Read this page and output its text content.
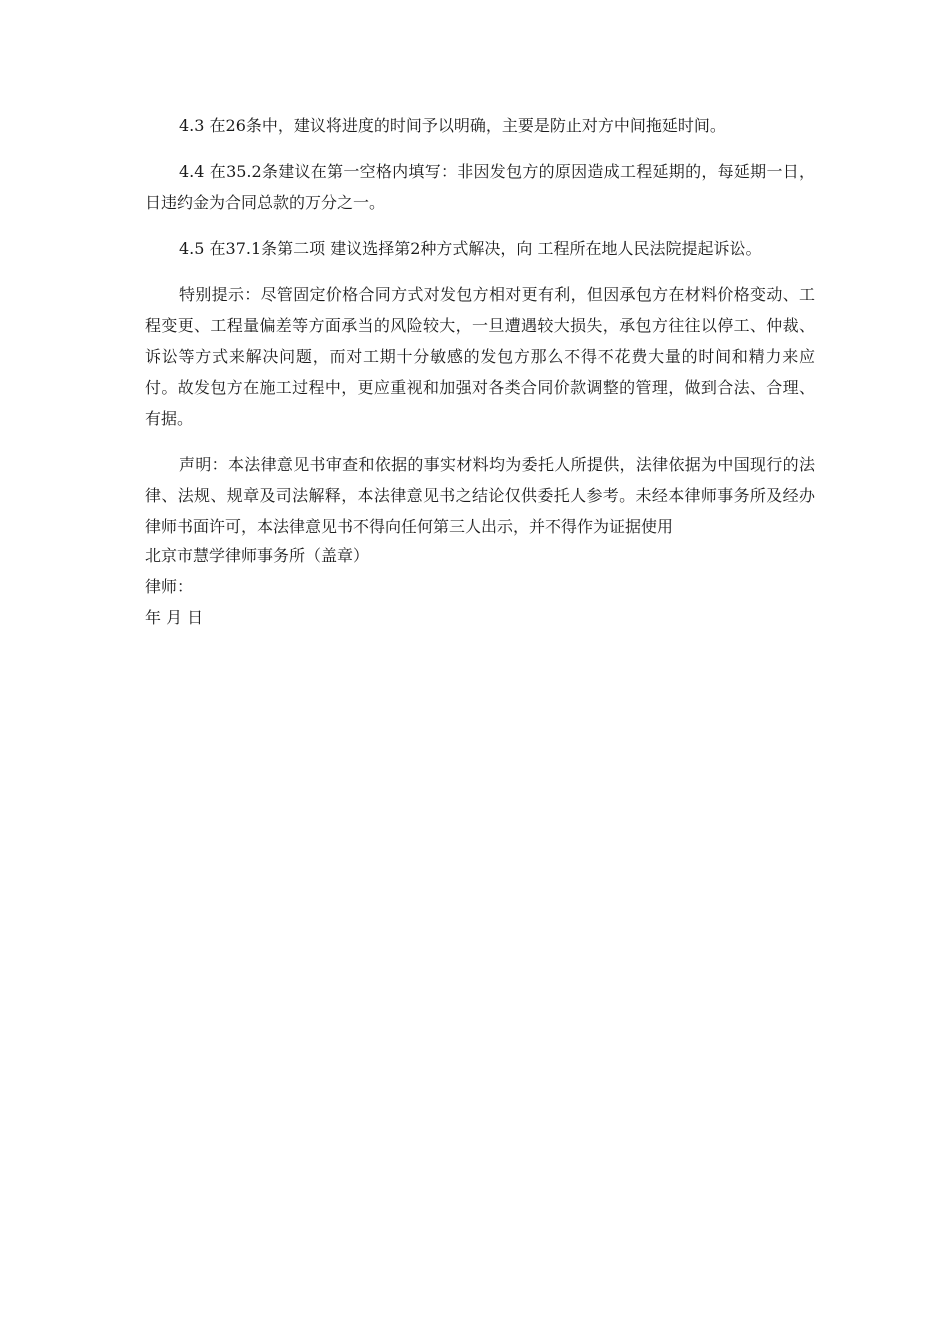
4.3 在26条中，建议将进度的时间予以明确，主要是防止对方中间拖延时间。

4.4 在35.2条建议在第一空格内填写：非因发包方的原因造成工程延期的，每延期一日，日违约金为合同总款的万分之一。

4.5 在37.1条第二项 建议选择第2种方式解决，向 工程所在地人民法院提起诉讼。

特别提示：尽管固定价格合同方式对发包方相对更有利，但因承包方在材料价格变动、工程变更、工程量偏差等方面承当的风险较大，一旦遭遇较大损失，承包方往往以停工、仲裁、诉讼等方式来解决问题，而对工期十分敏感的发包方那么不得不花费大量的时间和精力来应付。故发包方在施工过程中，更应重视和加强对各类合同价款调整的管理，做到合法、合理、有据。

声明：本法律意见书审查和依据的事实材料均为委托人所提供，法律依据为中国现行的法律、法规、规章及司法解释，本法律意见书之结论仅供委托人参考。未经本律师事务所及经办律师书面许可，本法律意见书不得向任何第三人出示，并不得作为证据使用

北京市慧学律师事务所（盖章）

律师：

年 月 日
